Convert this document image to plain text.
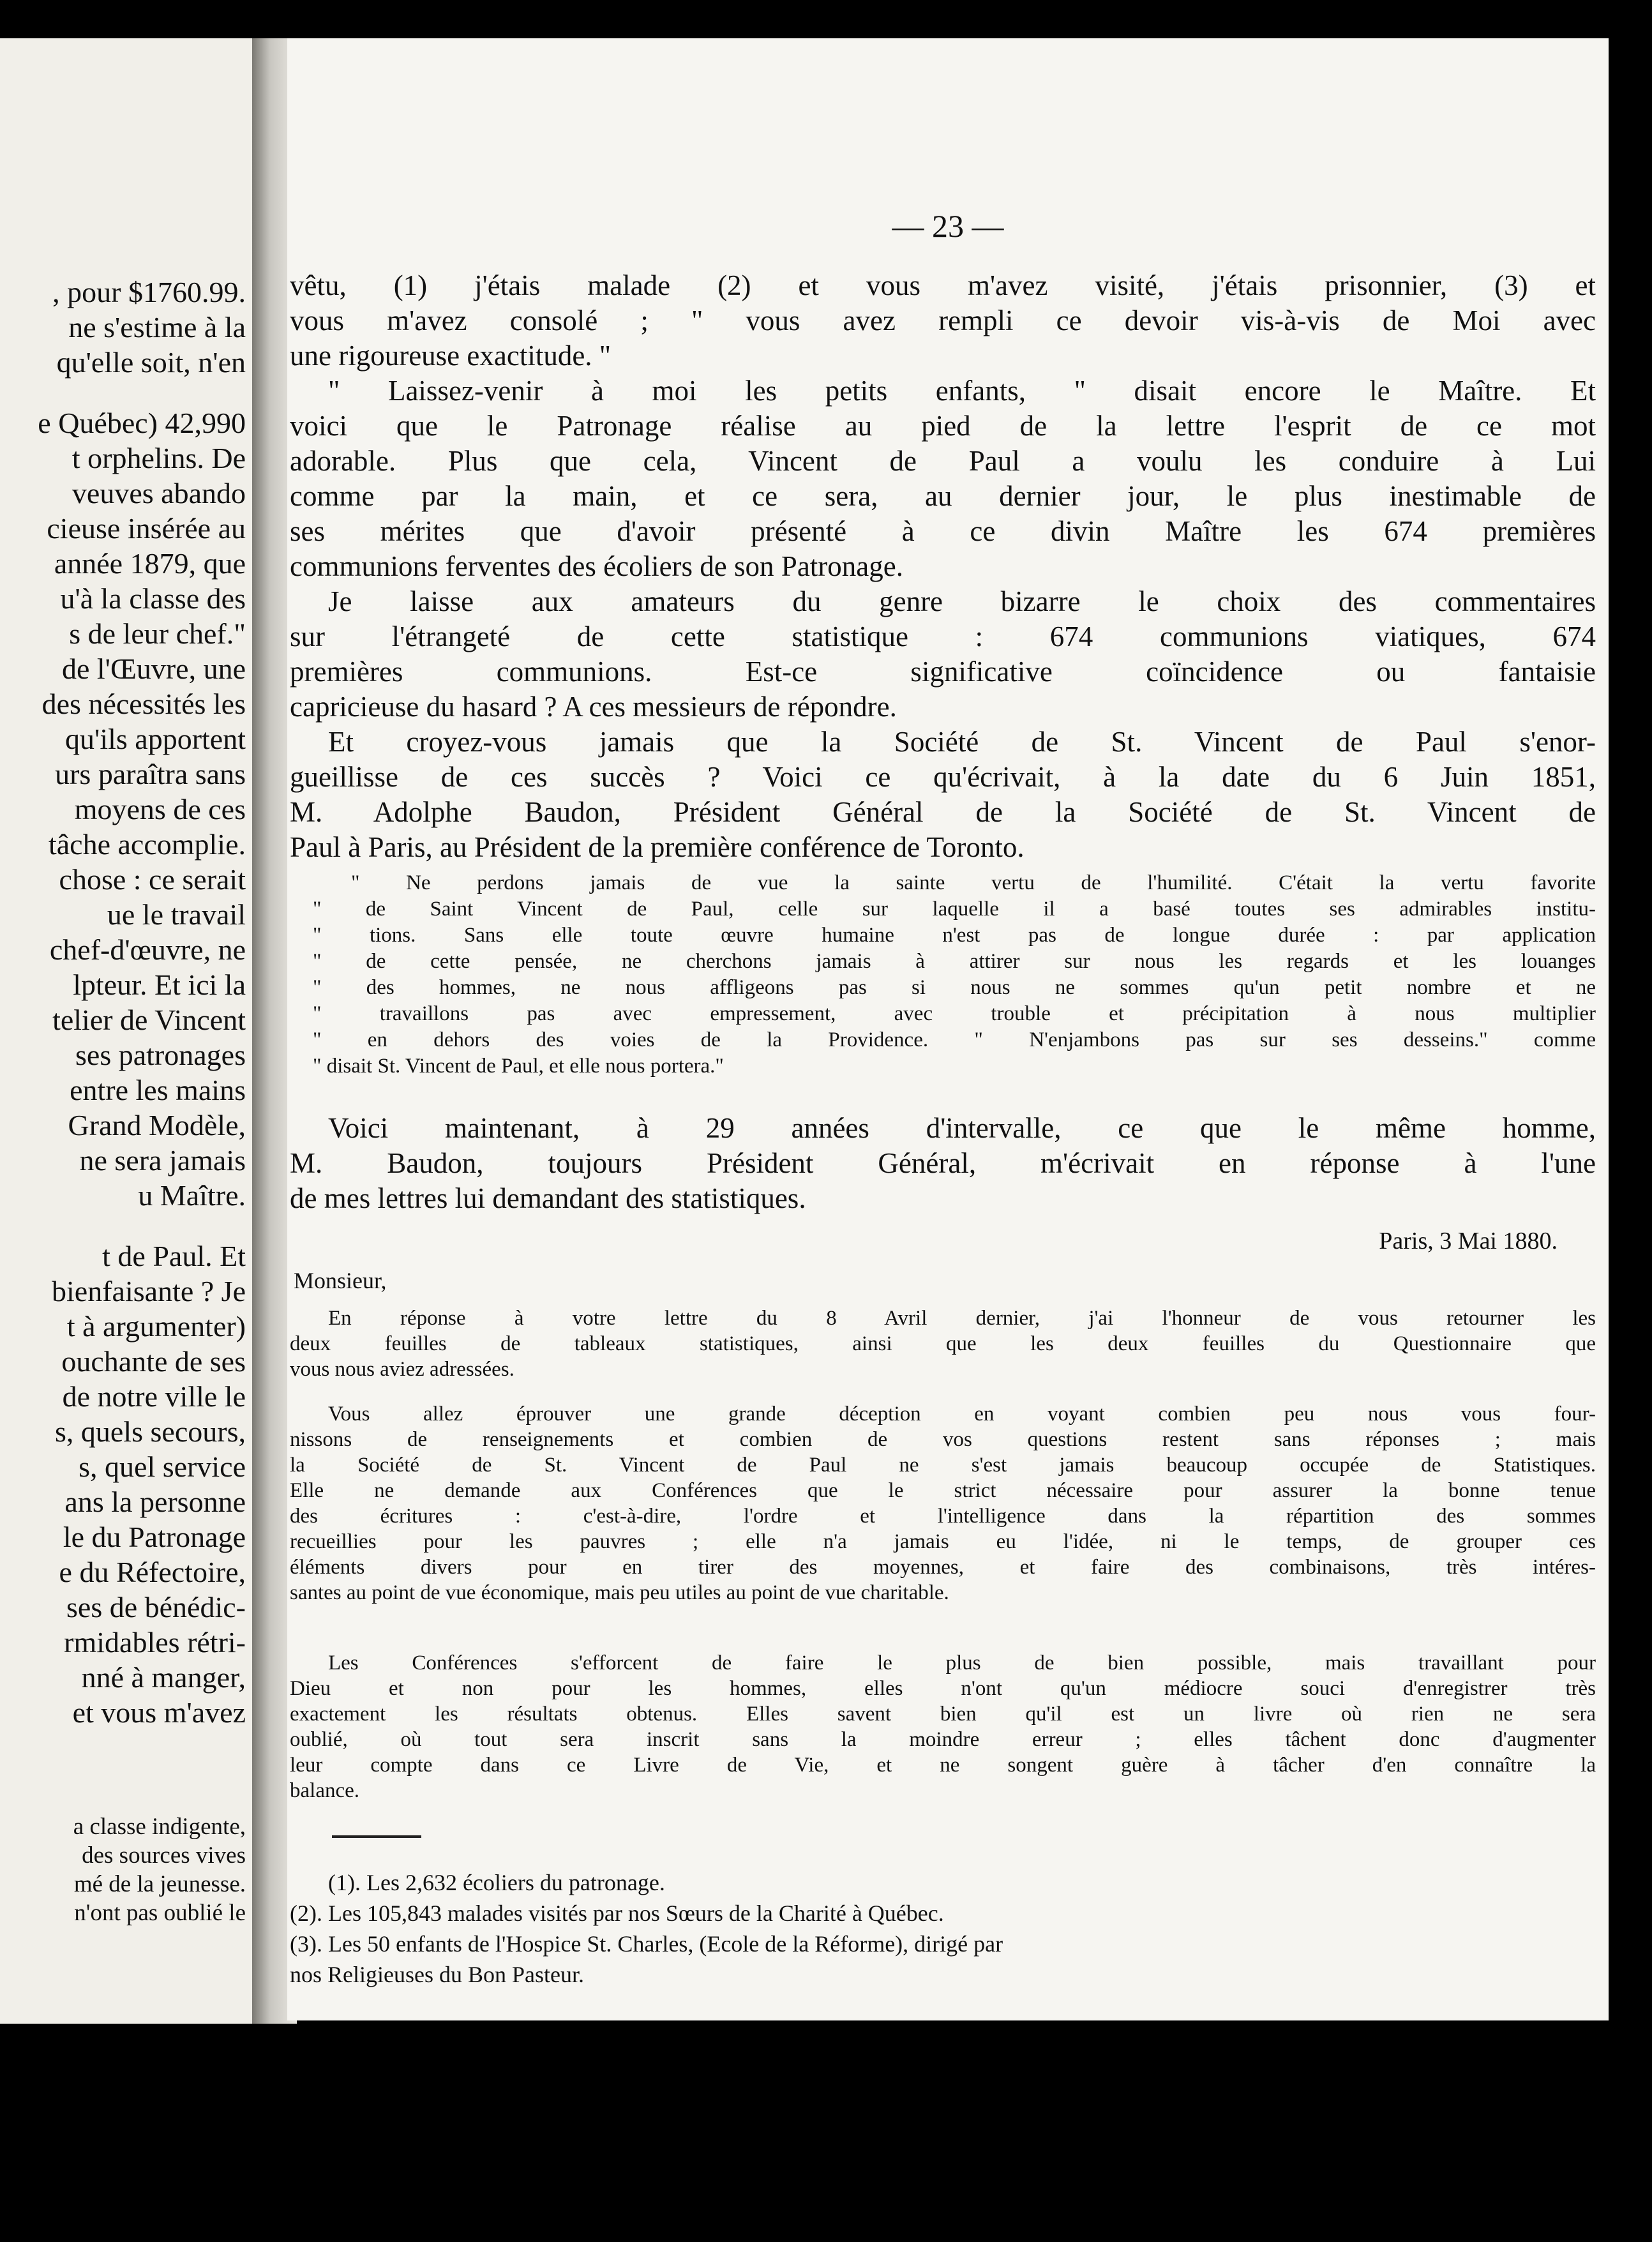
, pour $1760.99.
ne s'estime à la
qu'elle soit, n'en
e Québec) 42,990
t orphelins. De
veuves abando
cieuse insérée au
année 1879, que
u'à la classe des
s de leur chef."
de l'Œuvre, une
des nécessités les
qu'ils apportent
urs paraîtra sans
moyens de ces
tâche accomplie.
chose : ce serait
ue le travail
chef-d'œuvre, ne
lpteur. Et ici la
telier de Vincent
ses patronages
entre les mains
Grand Modèle,
ne sera jamais
u Maître.
t de Paul. Et
bienfaisante ? Je
t à argumenter)
ouchante de ses
de notre ville le
s, quels secours,
s, quel service
ans la personne
le du Patronage
e du Réfectoire,
ses de bénédic-
rmidables rétri-
nné à manger,
et vous m'avez
a classe indigente,
des sources vives
mé de la jeunesse.
n'ont pas oublié le
— 23 —
vêtu, (1) j'étais malade (2) et vous m'avez visité, j'étais prisonnier, (3) et
vous m'avez consolé ; " vous avez rempli ce devoir vis-à-vis de Moi avec
une rigoureuse exactitude. "
" Laissez-venir à moi les petits enfants, " disait encore le Maître. Et
voici que le Patronage réalise au pied de la lettre l'esprit de ce mot
adorable. Plus que cela, Vincent de Paul a voulu les conduire à Lui
comme par la main, et ce sera, au dernier jour, le plus inestimable de
ses mérites que d'avoir présenté à ce divin Maître les 674 premières
communions ferventes des écoliers de son Patronage.
Je laisse aux amateurs du genre bizarre le choix des commentaires
sur l'étrangeté de cette statistique : 674 communions viatiques, 674
premières communions. Est-ce significative coïncidence ou fantaisie
capricieuse du hasard ? A ces messieurs de répondre.
Et croyez-vous jamais que la Société de St. Vincent de Paul s'enor-
gueillisse de ces succès ? Voici ce qu'écrivait, à la date du 6 Juin 1851,
M. Adolphe Baudon, Président Général de la Société de St. Vincent de
Paul à Paris, au Président de la première conférence de Toronto.
" Ne perdons jamais de vue la sainte vertu de l'humilité. C'était la vertu favorite
" de Saint Vincent de Paul, celle sur laquelle il a basé toutes ses admirables institu-
" tions. Sans elle toute œuvre humaine n'est pas de longue durée : par application
" de cette pensée, ne cherchons jamais à attirer sur nous les regards et les louanges
" des hommes, ne nous affligeons pas si nous ne sommes qu'un petit nombre et ne
" travaillons pas avec empressement, avec trouble et précipitation à nous multiplier
" en dehors des voies de la Providence. " N'enjambons pas sur ses desseins." comme
" disait St. Vincent de Paul, et elle nous portera."
Voici maintenant, à 29 années d'intervalle, ce que le même homme,
M. Baudon, toujours Président Général, m'écrivait en réponse à l'une
de mes lettres lui demandant des statistiques.
Paris, 3 Mai 1880.
Monsieur,
En réponse à votre lettre du 8 Avril dernier, j'ai l'honneur de vous retourner les
deux feuilles de tableaux statistiques, ainsi que les deux feuilles du Questionnaire que
vous nous aviez adressées.
Vous allez éprouver une grande déception en voyant combien peu nous vous four-
nissons de renseignements et combien de vos questions restent sans réponses ; mais
la Société de St. Vincent de Paul ne s'est jamais beaucoup occupée de Statistiques.
Elle ne demande aux Conférences que le strict nécessaire pour assurer la bonne tenue
des écritures : c'est-à-dire, l'ordre et l'intelligence dans la répartition des sommes
recueillies pour les pauvres ; elle n'a jamais eu l'idée, ni le temps, de grouper ces
éléments divers pour en tirer des moyennes, et faire des combinaisons, très intéres-
santes au point de vue économique, mais peu utiles au point de vue charitable.
Les Conférences s'efforcent de faire le plus de bien possible, mais travaillant pour
Dieu et non pour les hommes, elles n'ont qu'un médiocre souci d'enregistrer très
exactement les résultats obtenus. Elles savent bien qu'il est un livre où rien ne sera
oublié, où tout sera inscrit sans la moindre erreur ; elles tâchent donc d'augmenter
leur compte dans ce Livre de Vie, et ne songent guère à tâcher d'en connaître la
balance.
(1). Les 2,632 écoliers du patronage.
(2). Les 105,843 malades visités par nos Sœurs de la Charité à Québec.
(3). Les 50 enfants de l'Hospice St. Charles, (Ecole de la Réforme), dirigé par
nos Religieuses du Bon Pasteur.
